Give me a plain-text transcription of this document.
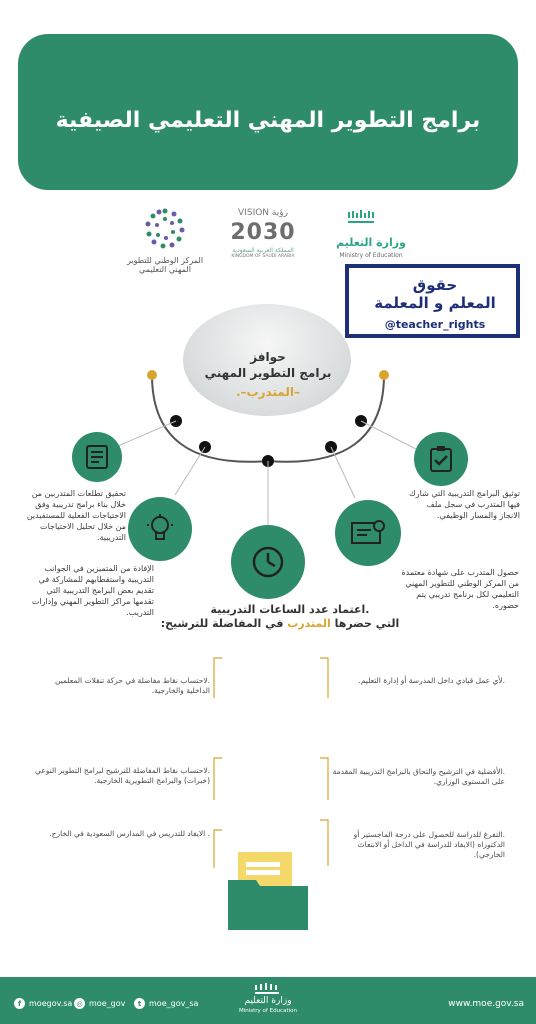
برامج التطوير المهني التعليمي الصيفية
المركز الوطني للتطوير المهني التعليمي
VISION رؤية
2030
المملكة العربية السعودية
KINGDOM OF SAUDI ARABIA
وزارة التعليم
Ministry of Education
حقوق
المعلم و المعلمة
@teacher_rights
حوافز
برامج التطوير المهني
–المتدرب–.
تحقيق تطلعات المتدربين من خلال بناء برامج تدريبية وفق الاحتياجات الفعلية للمستفيدين من خلال تحليل الاحتياجات التدريبية.
الإفادة من المتميزين في الجوانب التدريبية واستقطابهم للمشاركة في تقديم بعض البرامج التدريبية التي تقدمها مراكز التطوير المهني وإدارات التدريب.
توثيق البرامج التدريبية التي شارك فيها المتدرب في سجل ملف الانجاز والمسار الوظيفي.
حصول المتدرب على شهادة معتمدة من المركز الوطني للتطوير المهني التعليمي لكل برنامج تدريبي يتم حضوره.
.اعتماد عدد الساعات التدريبية
التي حضرها المتدرب في المفاضلة للترشيح:
.لأي عمل قيادي داخل المدرسة أو إدارة التعليم.
.لاحتساب نقاط مفاضلة في حركة تنقلات المعلمين الداخلية والخارجية.
.الأفضلية في الترشيح والتحاق بالبرامج التدريبية المقدمة على المستوى الوزاري.
.لاحتساب نقاط المفاضلة للترشيح لبرامج التطوير النوعي (خبرات) والبرامج التطويرية الخارجية.
.التفرغ للدراسة للحصول على درجة الماجستير أو الدكتوراه (الايفاد للدراسة في الداخل أو الابتعاث الخارجي).
. الايفاد للتدريس في المدارس السعودية في الخارج.
f moegov.sa ◎ moe_gov	t moe_gov_sa	وزارة التعليم
Ministry of Education
www.moe.gov.sa
